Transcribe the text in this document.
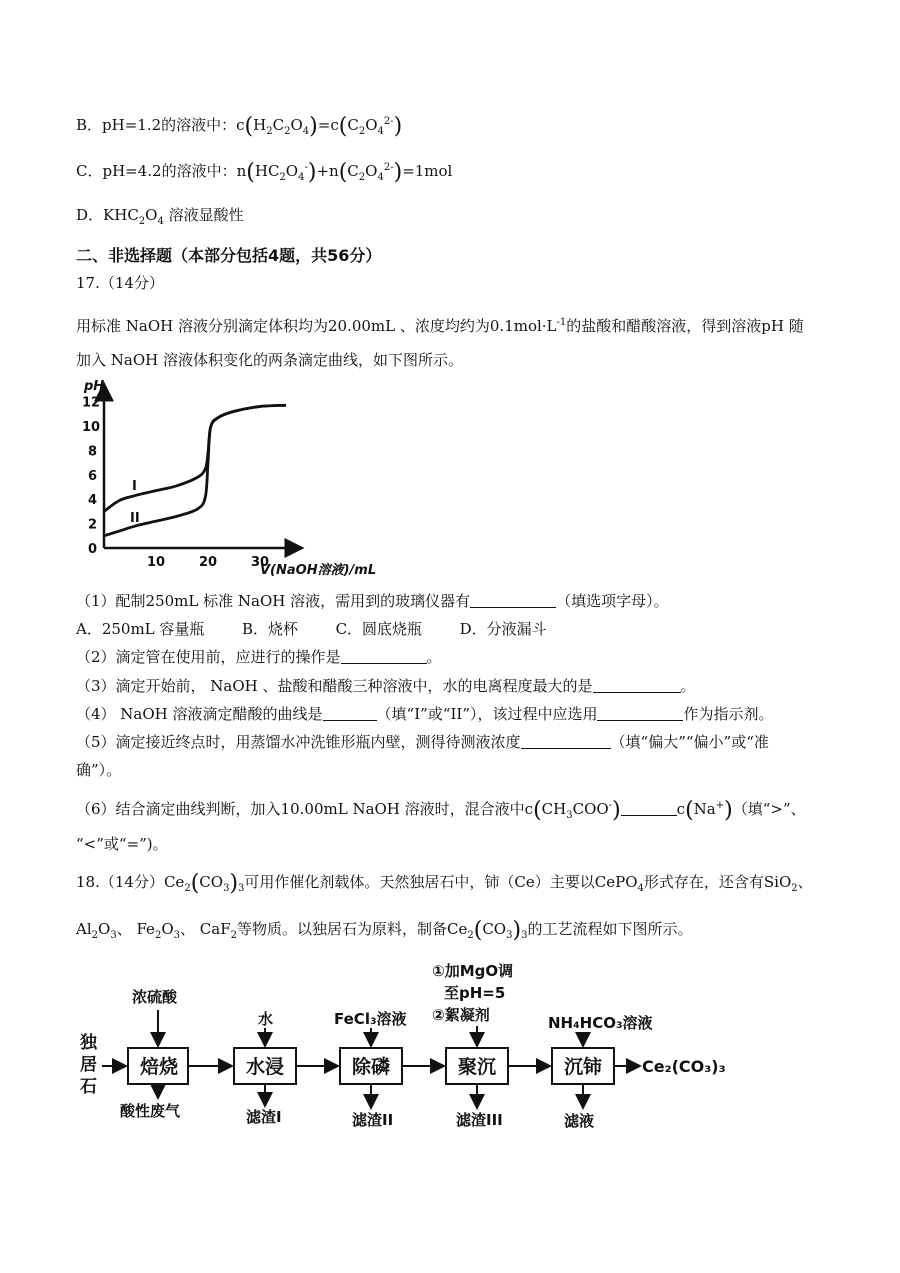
B．pH=1.2的溶液中：$c(H_2C_2O_4)=c(C_2O_4^{2-})$
C．pH=4.2的溶液中：$n(HC_2O_4^-)+n(C_2O_4^{2-})=1mol$
D．$KHC_2O_4$ 溶液显酸性
二、非选择题（本部分包括4题，共56分）
17.（14分）
用标准 NaOH 溶液分别滴定体积均为20.00mL 、浓度均约为$0.1mol\cdot L^{-1}$的盐酸和醋酸溶液，得到溶液pH 随
加入 NaOH 溶液体积变化的两条滴定曲线，如下图所示。
pH
0
2
4
6
8
10
12
10	20	30
V(NaOH溶液)/mL
I
II
（1）配制250mL 标准 NaOH 溶液，需用到的玻璃仪器有	（填选项字母）。
A．250mL 容量瓶	B．烧杯	C．圆底烧瓶	D．分液漏斗
（2）滴定管在使用前，应进行的操作是	。
（3）滴定开始前， NaOH 、盐酸和醋酸三种溶液中，水的电离程度最大的是	。
（4） NaOH 溶液滴定醋酸的曲线是	（填“I”或“II”），该过程中应选用	作为指示剂。
（5）滴定接近终点时，用蒸馏水冲洗锥形瓶内壁，测得待测液浓度	（填“偏大”“偏小”或“准
确”）。
（6）结合滴定曲线判断，加入10.00mL NaOH 溶液时，混合液中$c(CH_3COO^-)$	c(Na+)（填“>”、
“<”或“=”)。
18.（14分）$Ce_2(CO_3)_3$可用作催化剂载体。天然独居石中，铈（Ce）主要以CePO$_4$形式存在，还含有SiO$_2$、
$Al_2O_3$、 $Fe_2O_3$、 CaF$_2$等物质。以独居石为原料，制备$Ce_2(CO_3)_3$的工艺流程如下图所示。
独
居
石
焙烧	水浸	除磷	聚沉	沉铈 Ce₂(CO₃)₃
浓硫酸
水	FeCl₃溶液
①加MgO调
至pH=5
②絮凝剂	NH₄HCO₃溶液
酸性废气	滤渣I	滤渣II	滤渣III	滤液
